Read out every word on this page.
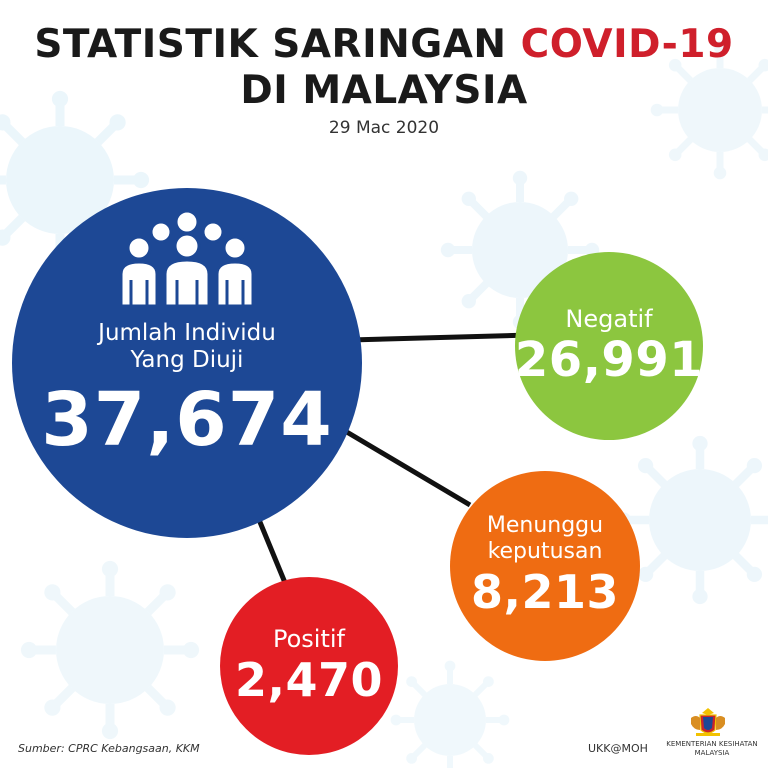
STATISTIK SARINGAN COVID-19
DI MALAYSIA
29 Mac 2020
Jumlah Individu
Yang Diuji
37,674
Negatif
26,991
Menunggu
keputusan
8,213
Positif
2,470
Sumber: CPRC Kebangsaan, KKM	UKK@MOH	KEMENTERIAN KESIHATAN
MALAYSIA
